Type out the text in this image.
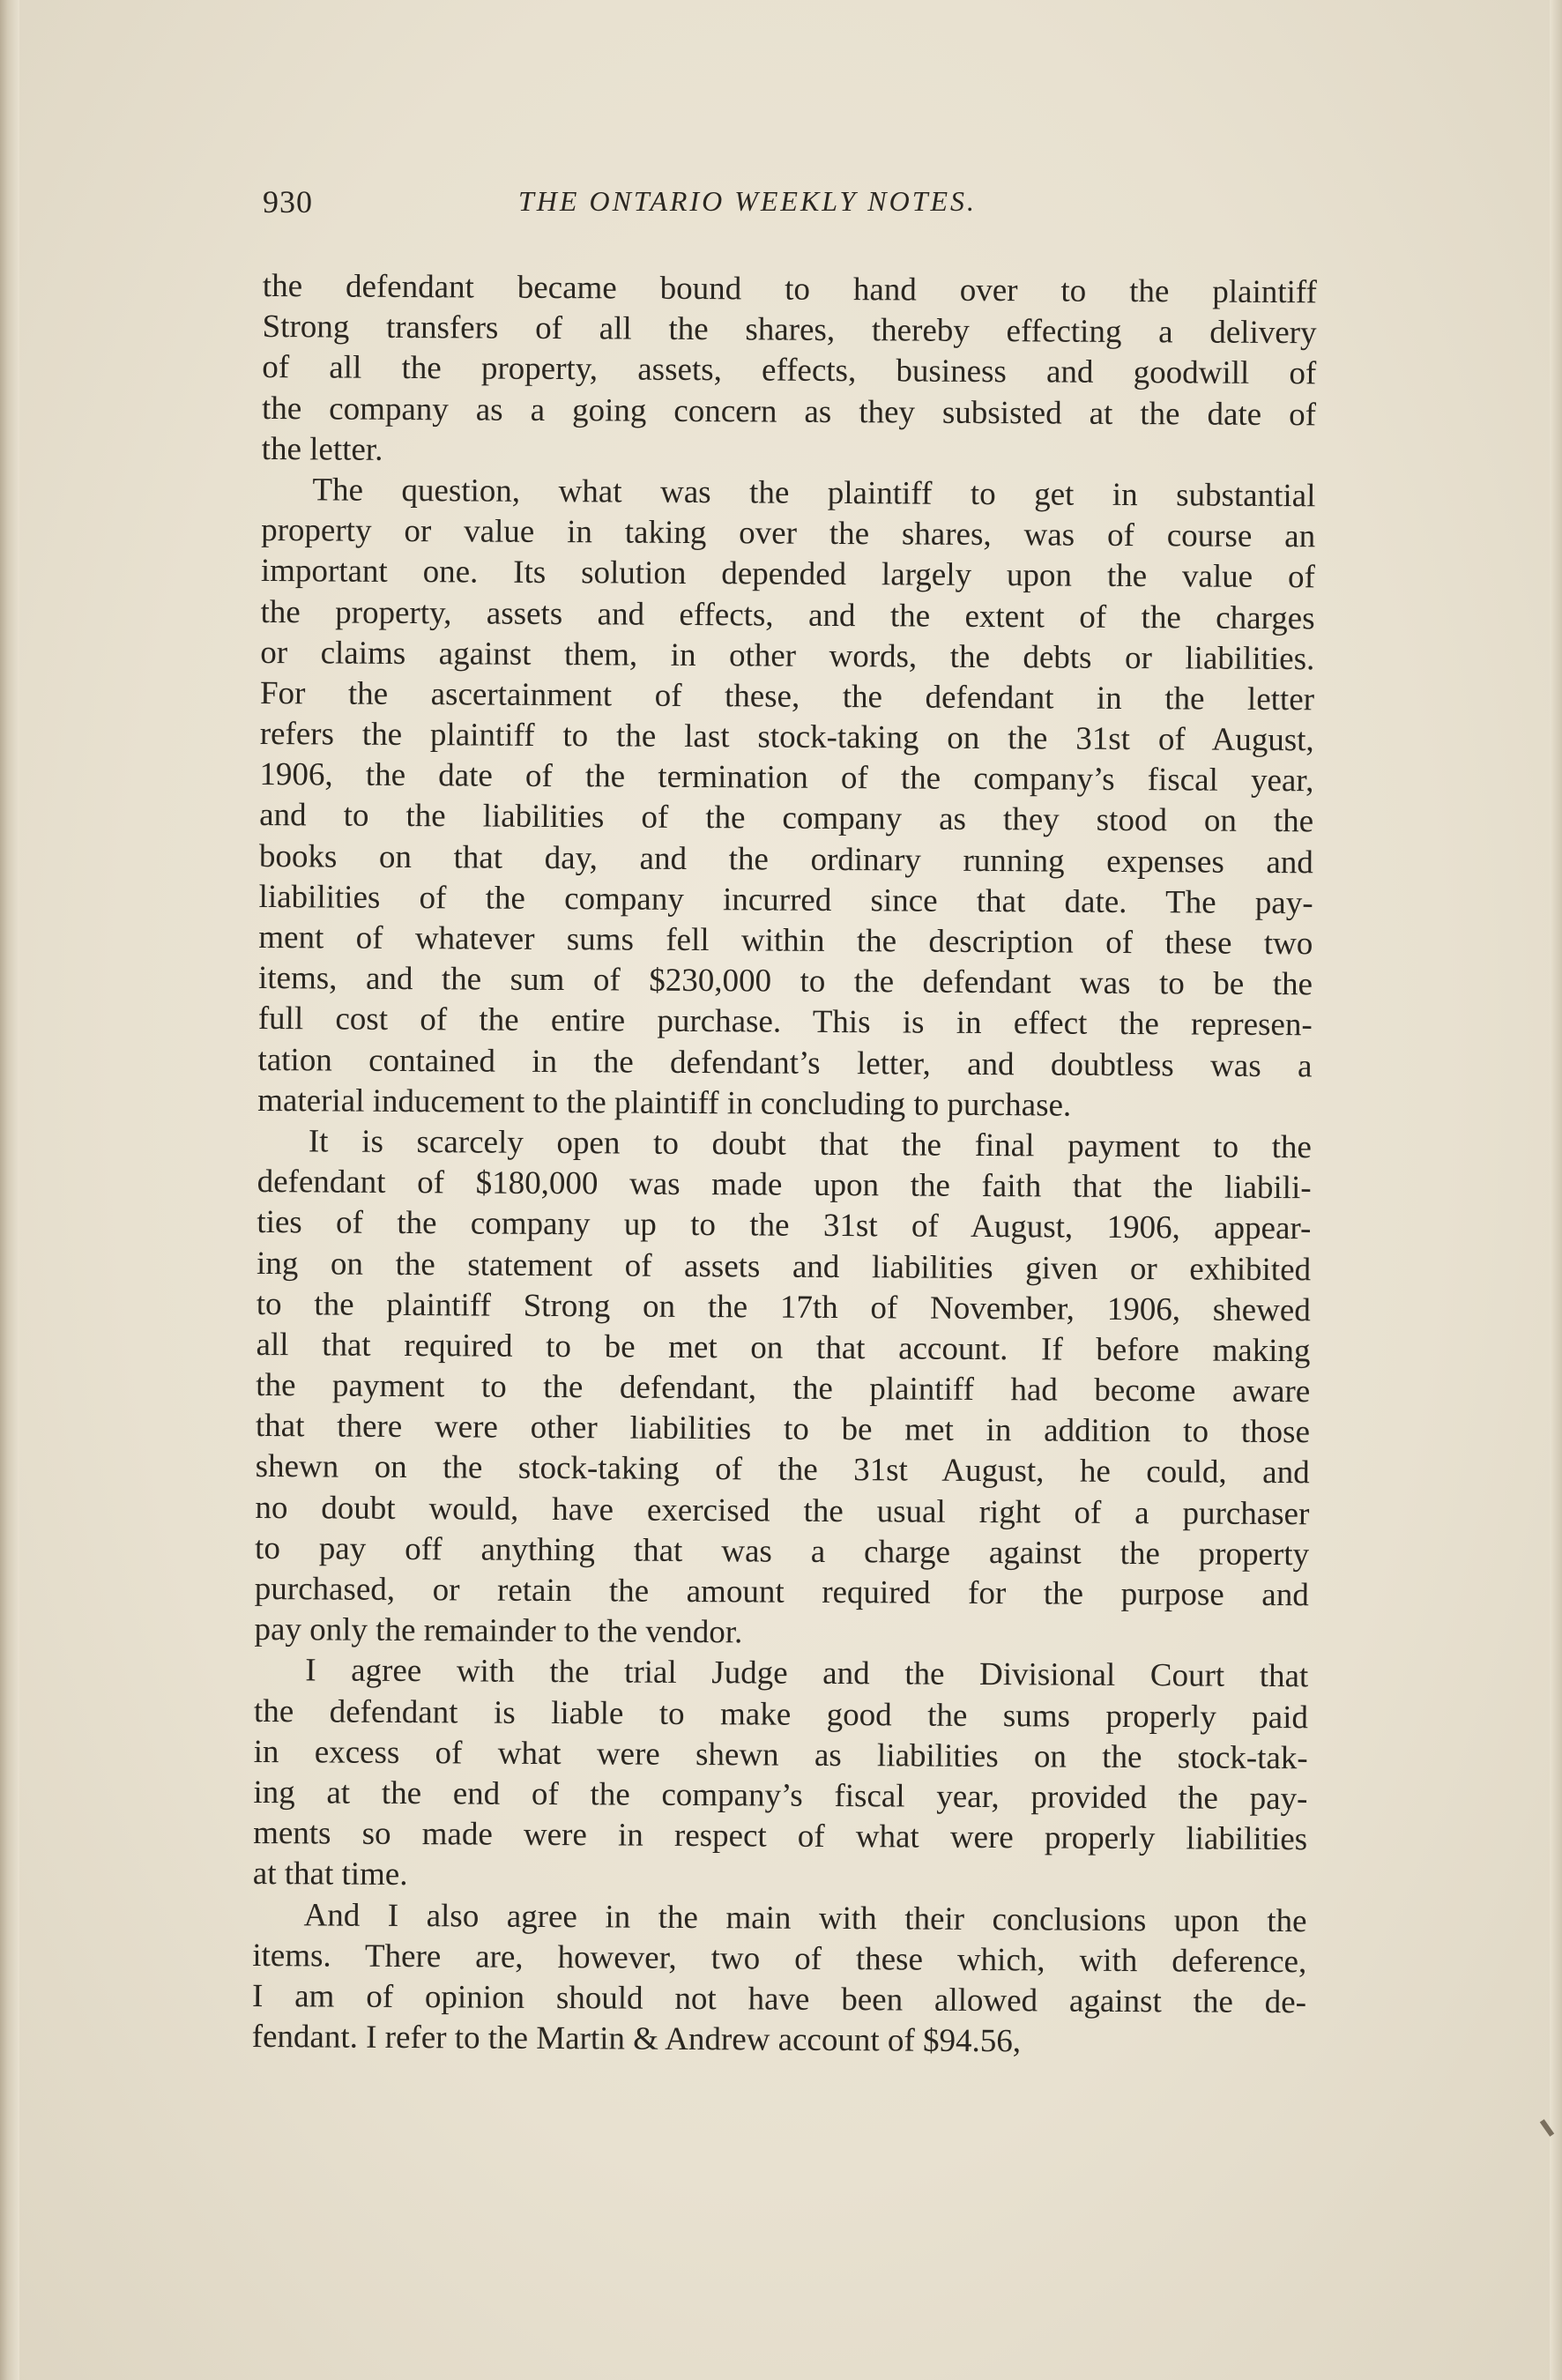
930	THE ONTARIO WEEKLY NOTES.
the defendant became bound to hand over to the plaintiff
Strong transfers of all the shares, thereby effecting a delivery
of all the property, assets, effects, business and goodwill of
the company as a going concern as they subsisted at the date of
the letter.
The question, what was the plaintiff to get in substantial
property or value in taking over the shares, was of course an
important one. Its solution depended largely upon the value of
the property, assets and effects, and the extent of the charges
or claims against them, in other words, the debts or liabilities.
For the ascertainment of these, the defendant in the letter
refers the plaintiff to the last stock-taking on the 31st of August,
1906, the date of the termination of the company’s fiscal year,
and to the liabilities of the company as they stood on the
books on that day, and the ordinary running expenses and
liabilities of the company incurred since that date. The pay-
ment of whatever sums fell within the description of these two
items, and the sum of $230,000 to the defendant was to be the
full cost of the entire purchase. This is in effect the represen-
tation contained in the defendant’s letter, and doubtless was a
material inducement to the plaintiff in concluding to purchase.
It is scarcely open to doubt that the final payment to the
defendant of $180,000 was made upon the faith that the liabili-
ties of the company up to the 31st of August, 1906, appear-
ing on the statement of assets and liabilities given or exhibited
to the plaintiff Strong on the 17th of November, 1906, shewed
all that required to be met on that account. If before making
the payment to the defendant, the plaintiff had become aware
that there were other liabilities to be met in addition to those
shewn on the stock-taking of the 31st August, he could, and
no doubt would, have exercised the usual right of a purchaser
to pay off anything that was a charge against the property
purchased, or retain the amount required for the purpose and
pay only the remainder to the vendor.
I agree with the trial Judge and the Divisional Court that
the defendant is liable to make good the sums properly paid
in excess of what were shewn as liabilities on the stock-tak-
ing at the end of the company’s fiscal year, provided the pay-
ments so made were in respect of what were properly liabilities
at that time.
And I also agree in the main with their conclusions upon the
items. There are, however, two of these which, with deference,
I am of opinion should not have been allowed against the de-
fendant. I refer to the Martin & Andrew account of $94.56,
